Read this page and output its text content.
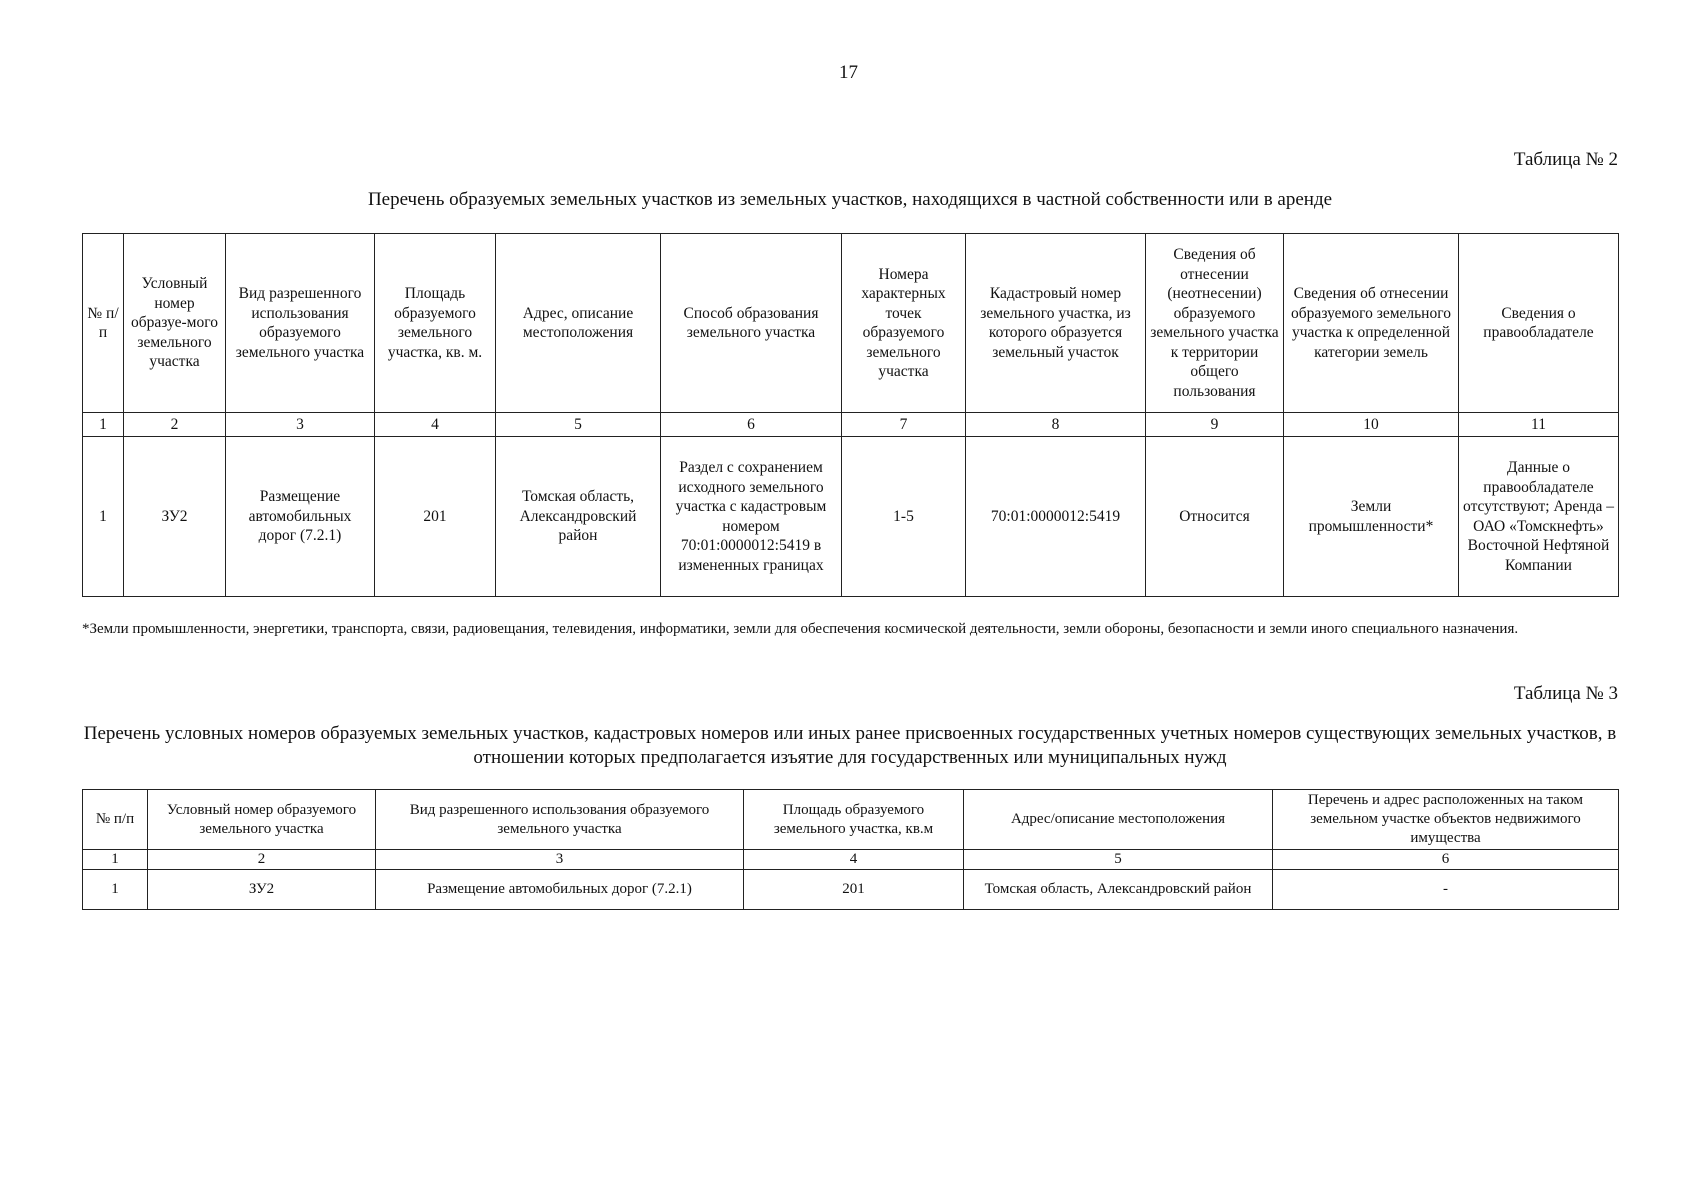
17
Таблица № 2
Перечень образуемых земельных участков из земельных участков, находящихся в частной собственности или в аренде
№ п/п	Условный номер образуе-мого земельного участка	Вид разрешенного использования образуемого земельного участка	Площадь образуемого земельного участка, кв. м.	Адрес, описание местоположения	Способ образования земельного участка	Номера характерных точек образуемого земельного участка	Кадастровый номер земельного участка, из которого образуется земельный участок	Сведения об отнесении (неотнесении) образуемого земельного участка к территории общего пользования	Сведения об отнесении образуемого земельного участка к определенной категории земель	Сведения о правообладателе
1	2	3	4	5	6	7	8	9	10	11
1	ЗУ2	Размещение автомобильных дорог (7.2.1)	201	Томская область, Александровский район	Раздел с сохранением исходного земельного участка с кадастровым номером 70:01:0000012:5419 в измененных границах	1-5	70:01:0000012:5419	Относится	Земли промышленности*	Данные о правообладателе отсутствуют; Аренда – ОАО «Томскнефть» Восточной Нефтяной Компании
*Земли промышленности, энергетики, транспорта, связи, радиовещания, телевидения, информатики, земли для обеспечения космической деятельности, земли обороны, безопасности и земли иного специального назначения.
Таблица № 3
Перечень условных номеров образуемых земельных участков, кадастровых номеров или иных ранее присвоенных государственных учетных номеров существующих земельных участков, в отношении которых предполагается изъятие для государственных или муниципальных нужд
№ п/п	Условный номер образуемого земельного участка	Вид разрешенного использования образуемого земельного участка	Площадь образуемого земельного участка, кв.м	Адрес/описание местоположения	Перечень и адрес расположенных на таком земельном участке объектов недвижимого имущества
1	2	3	4	5	6
1	ЗУ2	Размещение автомобильных дорог (7.2.1)	201	Томская область, Александровский район	-
